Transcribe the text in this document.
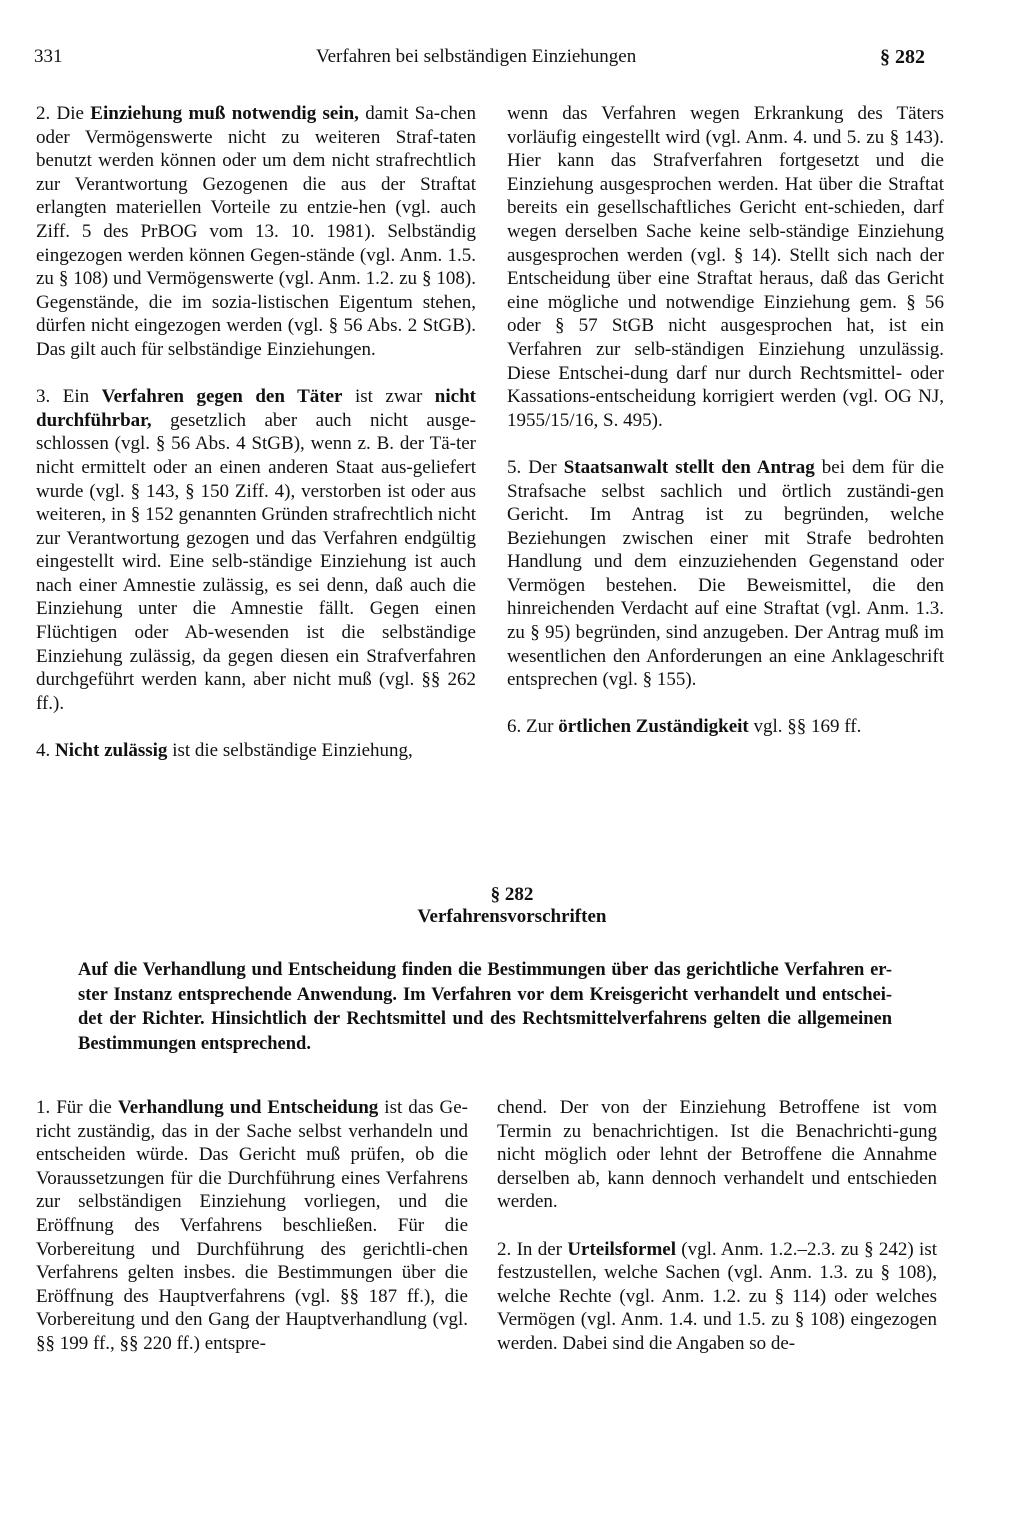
331	Verfahren bei selbständigen Einziehungen	§ 282

2. Die Einziehung muß notwendig sein, damit Sa-chen oder Vermögenswerte nicht zu weiteren Straf-taten benutzt werden können oder um dem nicht strafrechtlich zur Verantwortung Gezogenen die aus der Straftat erlangten materiellen Vorteile zu entzie-hen (vgl. auch Ziff. 5 des PrBOG vom 13. 10. 1981). Selbständig eingezogen werden können Gegen-stände (vgl. Anm. 1.5. zu § 108) und Vermögenswerte (vgl. Anm. 1.2. zu § 108). Gegenstände, die im sozia-listischen Eigentum stehen, dürfen nicht eingezogen werden (vgl. § 56 Abs. 2 StGB). Das gilt auch für selbständige Einziehungen.

3. Ein Verfahren gegen den Täter ist zwar nicht durchführbar, gesetzlich aber auch nicht ausge-schlossen (vgl. § 56 Abs. 4 StGB), wenn z. B. der Tä-ter nicht ermittelt oder an einen anderen Staat aus-geliefert wurde (vgl. § 143, § 150 Ziff. 4), verstorben ist oder aus weiteren, in § 152 genannten Gründen strafrechtlich nicht zur Verantwortung gezogen und das Verfahren endgültig eingestellt wird. Eine selb-ständige Einziehung ist auch nach einer Amnestie zulässig, es sei denn, daß auch die Einziehung unter die Amnestie fällt. Gegen einen Flüchtigen oder Ab-wesenden ist die selbständige Einziehung zulässig, da gegen diesen ein Strafverfahren durchgeführt werden kann, aber nicht muß (vgl. §§ 262 ff.).

4. Nicht zulässig ist die selbständige Einziehung,

wenn das Verfahren wegen Erkrankung des Täters vorläufig eingestellt wird (vgl. Anm. 4. und 5. zu § 143). Hier kann das Strafverfahren fortgesetzt und die Einziehung ausgesprochen werden. Hat über die Straftat bereits ein gesellschaftliches Gericht ent-schieden, darf wegen derselben Sache keine selb-ständige Einziehung ausgesprochen werden (vgl. § 14). Stellt sich nach der Entscheidung über eine Straftat heraus, daß das Gericht eine mögliche und notwendige Einziehung gem. § 56 oder § 57 StGB nicht ausgesprochen hat, ist ein Verfahren zur selb-ständigen Einziehung unzulässig. Diese Entschei-dung darf nur durch Rechtsmittel- oder Kassations-entscheidung korrigiert werden (vgl. OG NJ, 1955/15/16, S. 495).

5. Der Staatsanwalt stellt den Antrag bei dem für die Strafsache selbst sachlich und örtlich zuständi-gen Gericht. Im Antrag ist zu begründen, welche Beziehungen zwischen einer mit Strafe bedrohten Handlung und dem einzuziehenden Gegenstand oder Vermögen bestehen. Die Beweismittel, die den hinreichenden Verdacht auf eine Straftat (vgl. Anm. 1.3. zu § 95) begründen, sind anzugeben. Der Antrag muß im wesentlichen den Anforderungen an eine Anklageschrift entsprechen (vgl. § 155).

6. Zur örtlichen Zuständigkeit vgl. §§ 169 ff.

§ 282
Verfahrensvorschriften
Auf die Verhandlung und Entscheidung finden die Bestimmungen über das gerichtliche Verfahren er-ster Instanz entsprechende Anwendung. Im Verfahren vor dem Kreisgericht verhandelt und entschei-det der Richter. Hinsichtlich der Rechtsmittel und des Rechtsmittelverfahrens gelten die allgemeinen Bestimmungen entsprechend.

1. Für die Verhandlung und Entscheidung ist das Ge-richt zuständig, das in der Sache selbst verhandeln und entscheiden würde. Das Gericht muß prüfen, ob die Voraussetzungen für die Durchführung eines Verfahrens zur selbständigen Einziehung vorliegen, und die Eröffnung des Verfahrens beschließen. Für die Vorbereitung und Durchführung des gerichtli-chen Verfahrens gelten insbes. die Bestimmungen über die Eröffnung des Hauptverfahrens (vgl. §§ 187 ff.), die Vorbereitung und den Gang der Hauptverhandlung (vgl. §§ 199 ff., §§ 220 ff.) entspre-

chend. Der von der Einziehung Betroffene ist vom Termin zu benachrichtigen. Ist die Benachrichti-gung nicht möglich oder lehnt der Betroffene die Annahme derselben ab, kann dennoch verhandelt und entschieden werden.

2. In der Urteilsformel (vgl. Anm. 1.2.–2.3. zu § 242) ist festzustellen, welche Sachen (vgl. Anm. 1.3. zu § 108), welche Rechte (vgl. Anm. 1.2. zu § 114) oder welches Vermögen (vgl. Anm. 1.4. und 1.5. zu § 108) eingezogen werden. Dabei sind die Angaben so de-
